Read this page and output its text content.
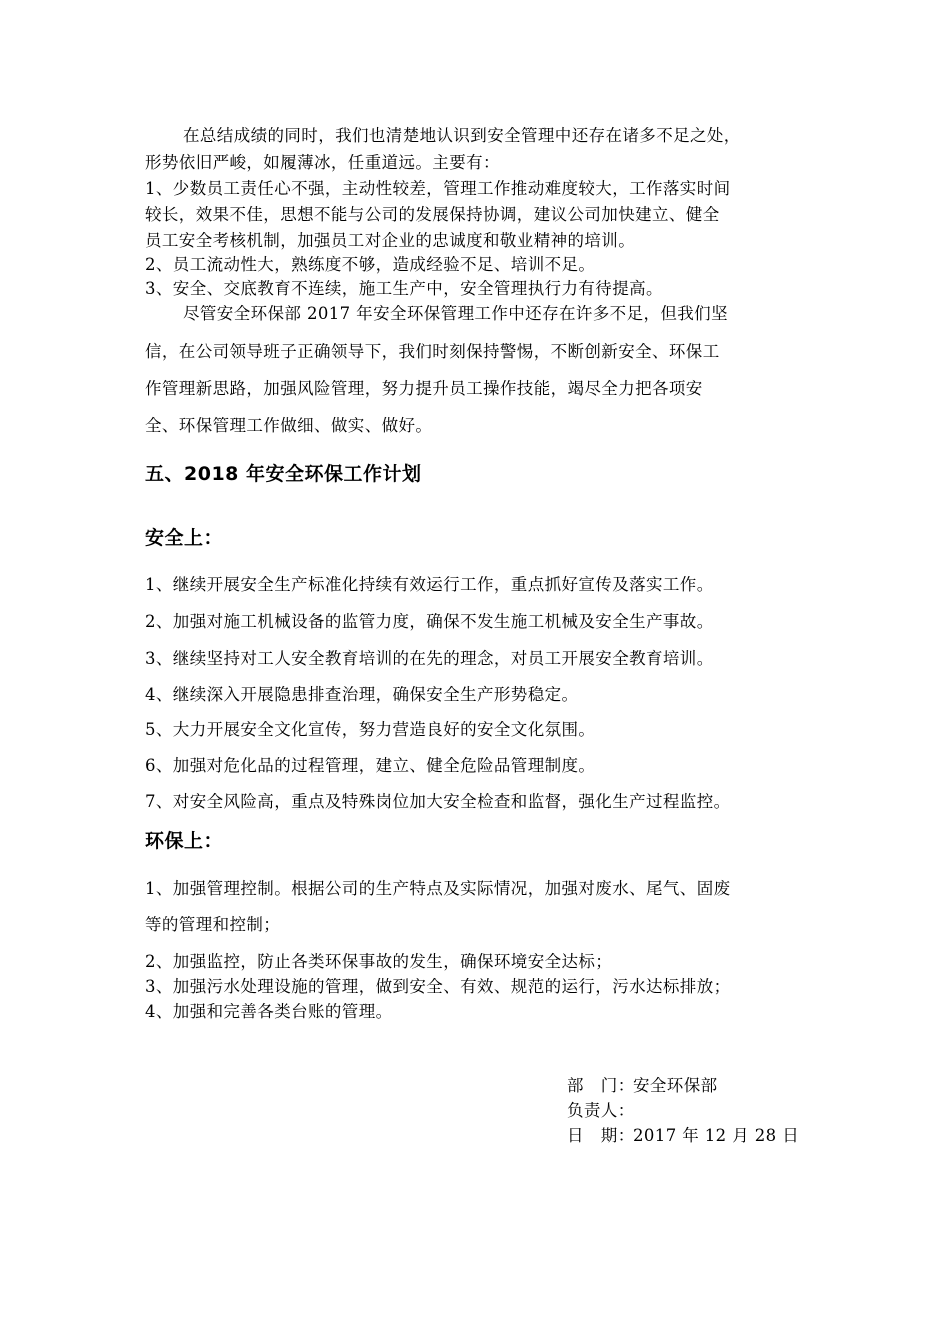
在总结成绩的同时，我们也清楚地认识到安全管理中还存在诸多不足之处，
形势依旧严峻，如履薄冰，任重道远。主要有：
1、少数员工责任心不强，主动性较差，管理工作推动难度较大，工作落实时间
较长，效果不佳，思想不能与公司的发展保持协调，建议公司加快建立、健全
员工安全考核机制，加强员工对企业的忠诚度和敬业精神的培训。
2、员工流动性大，熟练度不够，造成经验不足、培训不足。
3、安全、交底教育不连续，施工生产中，安全管理执行力有待提高。
尽管安全环保部 2017 年安全环保管理工作中还存在许多不足，但我们坚
信，在公司领导班子正确领导下，我们时刻保持警惕，不断创新安全、环保工
作管理新思路，加强风险管理，努力提升员工操作技能，竭尽全力把各项安
全、环保管理工作做细、做实、做好。
五、2018 年安全环保工作计划
安全上：
1、继续开展安全生产标准化持续有效运行工作，重点抓好宣传及落实工作。
2、加强对施工机械设备的监管力度，确保不发生施工机械及安全生产事故。
3、继续坚持对工人安全教育培训的在先的理念，对员工开展安全教育培训。
4、继续深入开展隐患排查治理，确保安全生产形势稳定。
5、大力开展安全文化宣传，努力营造良好的安全文化氛围。
6、加强对危化品的过程管理，建立、健全危险品管理制度。
7、对安全风险高，重点及特殊岗位加大安全检查和监督，强化生产过程监控。
环保上：
1、加强管理控制。根据公司的生产特点及实际情况，加强对废水、尾气、固废
等的管理和控制；
2、加强监控，防止各类环保事故的发生，确保环境安全达标；
3、加强污水处理设施的管理，做到安全、有效、规范的运行，污水达标排放；
4、加强和完善各类台账的管理。
部　门：安全环保部
负责人：
日　期：2017 年 12 月 28 日
